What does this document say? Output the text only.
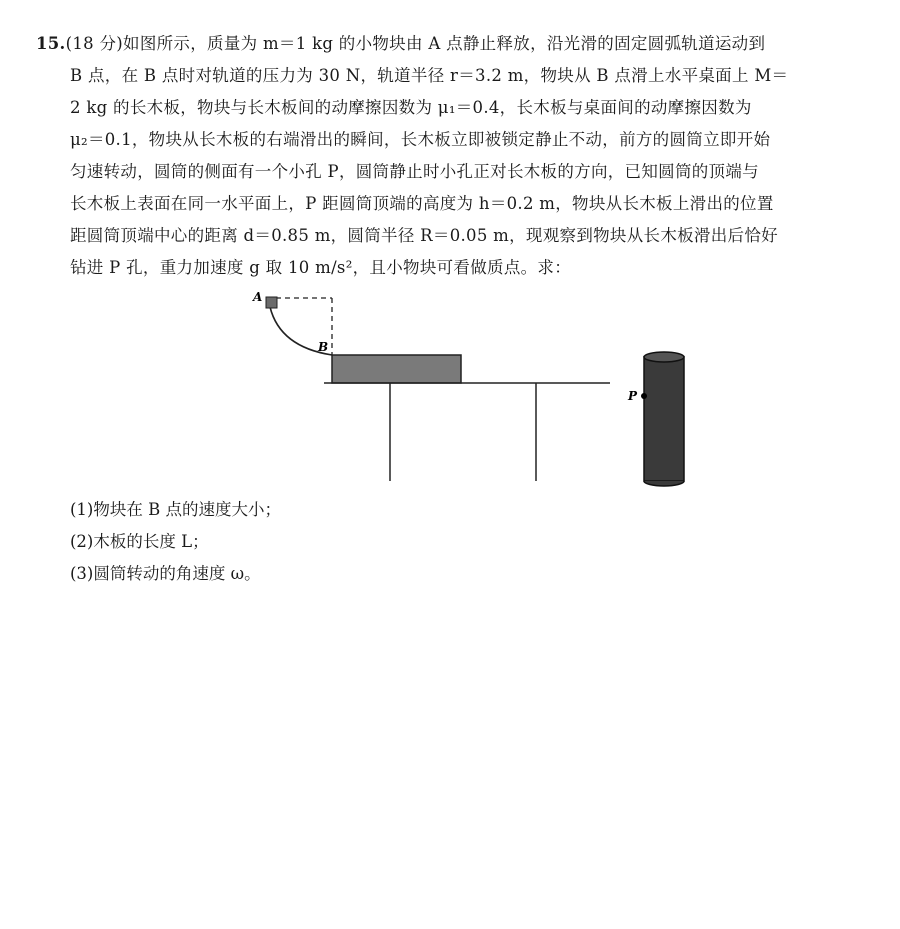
15.(18 分)如图所示，质量为 m＝1 kg 的小物块由 A 点静止释放，沿光滑的固定圆弧轨道运动到
B 点，在 B 点时对轨道的压力为 30 N，轨道半径 r＝3.2 m，物块从 B 点滑上水平桌面上 M＝
2 kg 的长木板，物块与长木板间的动摩擦因数为 μ₁＝0.4，长木板与桌面间的动摩擦因数为
μ₂＝0.1，物块从长木板的右端滑出的瞬间，长木板立即被锁定静止不动，前方的圆筒立即开始
匀速转动，圆筒的侧面有一个小孔 P，圆筒静止时小孔正对长木板的方向，已知圆筒的顶端与
长木板上表面在同一水平面上，P 距圆筒顶端的高度为 h＝0.2 m，物块从长木板上滑出的位置
距圆筒顶端中心的距离 d＝0.85 m，圆筒半径 R＝0.05 m，现观察到物块从长木板滑出后恰好
钻进 P 孔，重力加速度 g 取 10 m/s²，且小物块可看做质点。求：
A
B
P
(1)物块在 B 点的速度大小；
(2)木板的长度 L；
(3)圆筒转动的角速度 ω。
